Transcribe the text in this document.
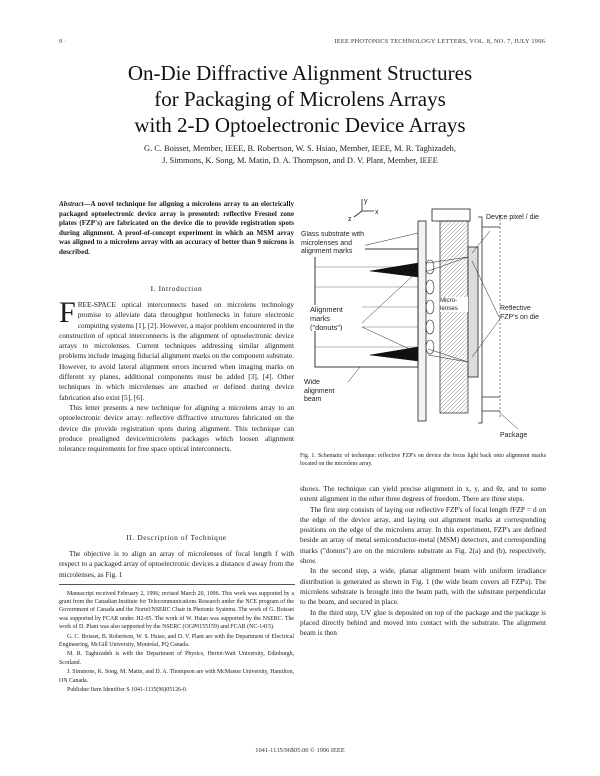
9 ·	IEEE PHOTONICS TECHNOLOGY LETTERS, VOL. 8, NO. 7, JULY 1996
On-Die Diffractive Alignment Structures
for Packaging of Microlens Arrays
with 2-D Optoelectronic Device Arrays
G. C. Boisset, Member, IEEE, B. Robertson, W. S. Hsiao, Member, IEEE, M. R. Taghizadeh,
J. Simmons, K. Song, M. Matin, D. A. Thompson, and D. V. Plant, Member, IEEE
Abstract—A novel technique for aligning a microlens array to an electrically packaged optoelectronic device array is presented: reflective Fresnel zone plates (FZP's) are fabricated on the device die to provide registration spots during alignment. A proof-of-concept experiment in which an MSM array was aligned to a microlens array with an accuracy of better than 9 microns is described.
I. Introduction

FREE-SPACE optical interconnects based on microlens technology promise to alleviate data throughput bottlenecks in future electronic computing systems [1], [2]. However, a major problem encountered in the construction of optical interconnects is the alignment of optoelectronic device arrays to microlenses. Current techniques addressing similar alignment problems include imaging fiducial alignment marks on the component substrate. However, to avoid lateral alignment errors incurred when imaging marks on different xy planes, additional components must be added [3], [4]. Other techniques in which microlenses are attached or defined during device fabrication also exist [5], [6].

This letter presents a new technique for aligning a microlens array to an optoelectronic device array: reflective diffractive structures fabricated on the device die provide registration spots during alignment. This technique can produce prealigned device/microlens packages which loosen alignment tolerance requirements for free space optical interconnects.

II. Description of Technique

The objective is to align an array of microlenses of focal length f with respect to a packaged array of optoelectronic devices a distance d away from the microlenses, as Fig. 1

Manuscript received February 2, 1996; revised March 20, 1996. This work was supported by a grant from the Canadian Institute for Telecommunications Research under the NCE program of the Government of Canada and the Nortel/NSERC Chair in Photonic Systems. The work of G. Boisset was supported by FCAR under. H2-05. The work of W. Hsiao was supported by the NSERC. The work of D. Plant was also supported by the NSERC (OGP0155159) and FCAR (NC-1415).

G. C. Boisset, B. Robertson, W. S. Hsiao, and D. V. Plant are with the Department of Electrical Engineering, McGill University, Montréal, PQ Canada.

M. R. Taghizadeh is with the Department of Physics, Heriot-Watt University, Edinburgh, Scotland.

J. Simmons, K. Song, M. Matin, and D. A. Thompson are with McMaster University, Hamilton, ON Canada.

Publisher Item Identifier S 1041-1135(96)05126-0.

y
x
z	Device pixel / die
Glass substrate with microlenses and alignment marks
Alignment marks ("donuts")
Micro-lenses	Reflective FZP's on die
Wide alignment beam
Package
Fig. 1. Schematic of technique: reflective FZP's on device die focus light back onto alignment marks located on the microlens array.

shows. The technique can yield precise alignment in x, y, and θz, and to some extent alignment in the other three degrees of freedom. There are three steps.

The first step consists of laying out reflective FZP's of focal length fFZP = d on the edge of the device array, and laying out alignment marks at corresponding positions on the edge of the microlens array. In this experiment, FZP's are defined beside an array of metal semiconductor-metal (MSM) detectors, and corresponding marks ("donuts") are on the microlens substrate as Fig. 2(a) and (b), respectively, show.

In the second step, a wide, planar alignment beam with uniform irradiance distribution is generated as shown in Fig. 1 (the wide beam covers all FZP's). The microlens substrate is brought into the beam path, with the substrate perpendicular to the beam, and secured in place.

In the third step, UV glue is deposited on top of the package and the package is placed directly behind and moved into contact with the substrate. The alignment beam is then

1041-1135/96$05.00 © 1996 IEEE
